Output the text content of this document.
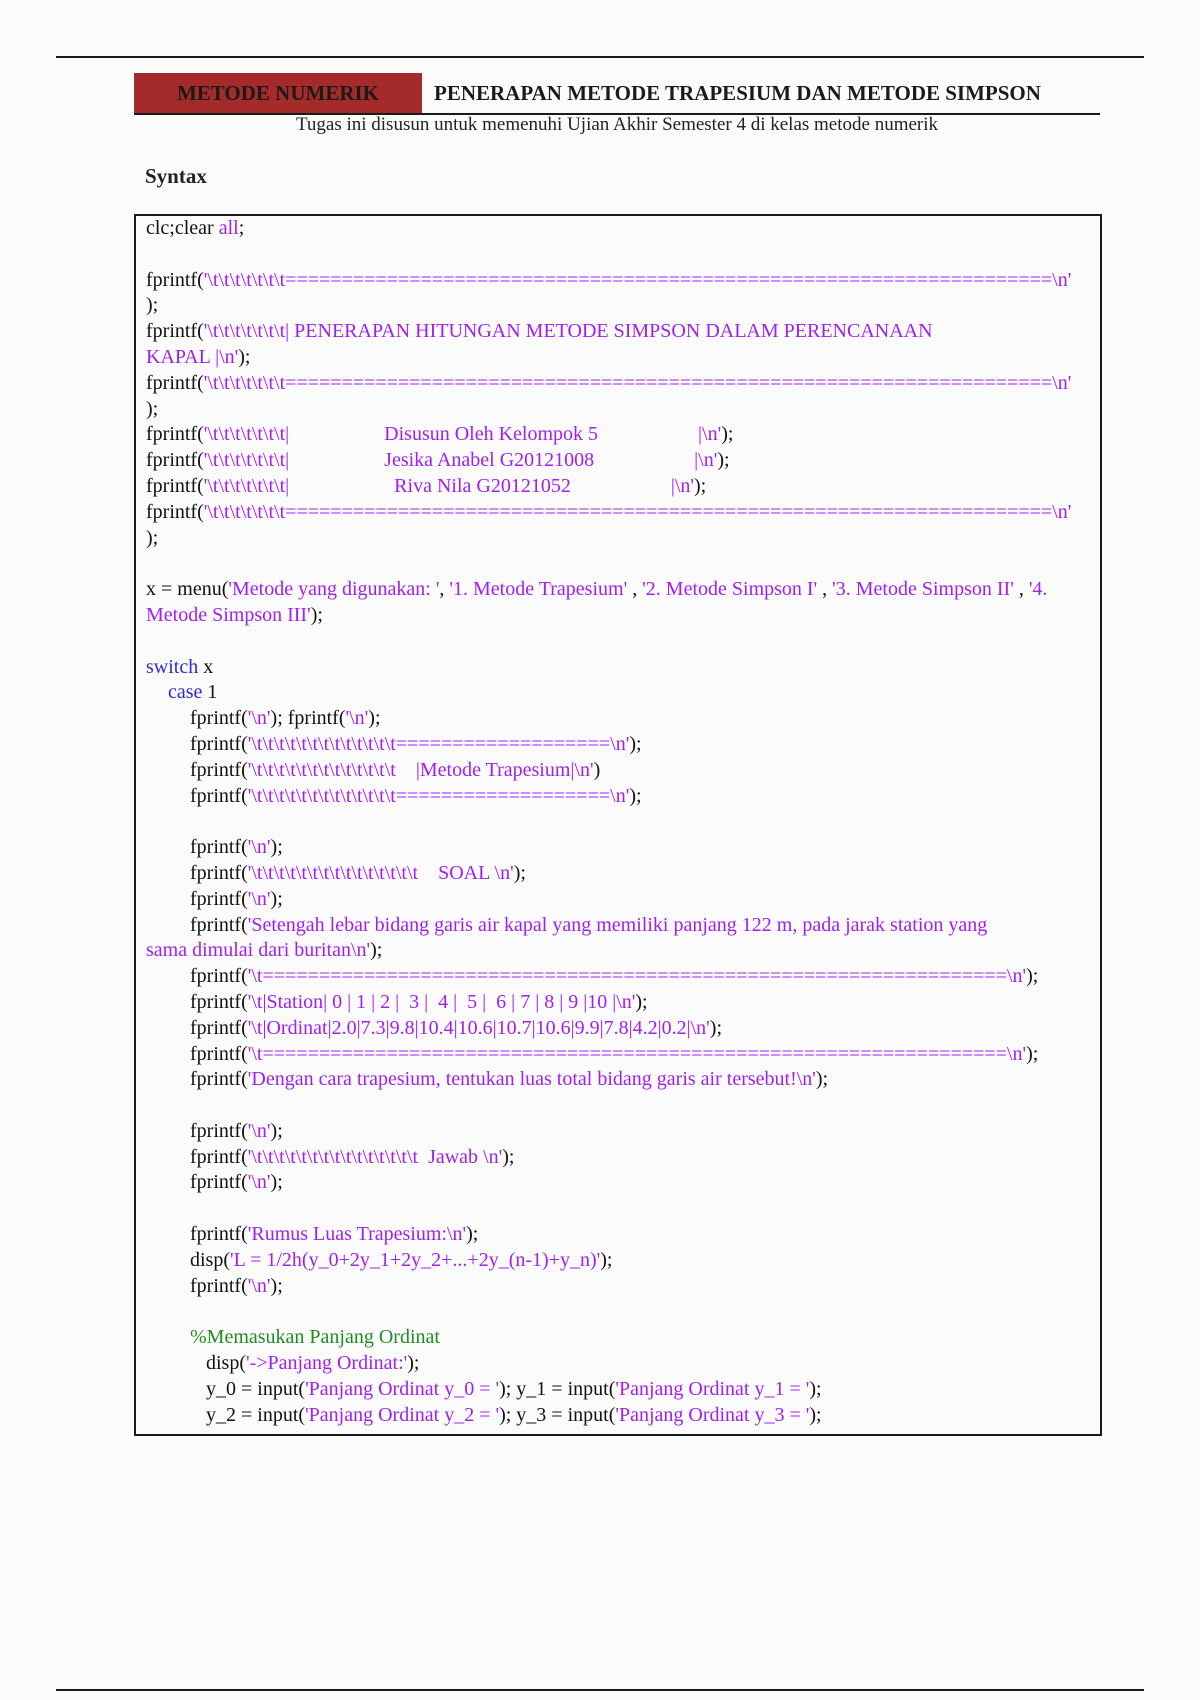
METODE NUMERIK	PENERAPAN METODE TRAPESIUM DAN METODE SIMPSON
Tugas ini disusun untuk memenuhi Ujian Akhir Semester 4 di kelas metode numerik
Syntax
clc;clear all;
fprintf('\t\t\t\t\t\t\t====================================================================\n'
);
fprintf('\t\t\t\t\t\t\t| PENERAPAN HITUNGAN METODE SIMPSON DALAM PERENCANAAN
KAPAL |\n');
fprintf('\t\t\t\t\t\t\t====================================================================\n'
);
fprintf('\t\t\t\t\t\t\t|                   Disusun Oleh Kelompok 5                    |\n');
fprintf('\t\t\t\t\t\t\t|                   Jesika Anabel G20121008                    |\n');
fprintf('\t\t\t\t\t\t\t|                     Riva Nila G20121052                    |\n');
fprintf('\t\t\t\t\t\t\t====================================================================\n'
);
x = menu('Metode yang digunakan: ', '1. Metode Trapesium' , '2. Metode Simpson I' , '3. Metode Simpson II' , '4. Metode Simpson III');
switch x
case 1
fprintf('\n'); fprintf('\n');
fprintf('\t\t\t\t\t\t\t\t\t\t\t\t\t===================\n');
fprintf('\t\t\t\t\t\t\t\t\t\t\t\t\t    |Metode Trapesium|\n')
fprintf('\t\t\t\t\t\t\t\t\t\t\t\t\t===================\n');
fprintf('\n');
fprintf('\t\t\t\t\t\t\t\t\t\t\t\t\t\t\t    SOAL \n');
fprintf('\n');
fprintf('Setengah lebar bidang garis air kapal yang memiliki panjang 122 m, pada jarak station yang
sama dimulai dari buritan\n');
fprintf('\t==================================================================\n');
fprintf('\t|Station| 0 | 1 | 2 |  3 |  4 |  5 |  6 | 7 | 8 | 9 |10 |\n');
fprintf('\t|Ordinat|2.0|7.3|9.8|10.4|10.6|10.7|10.6|9.9|7.8|4.2|0.2|\n');
fprintf('\t==================================================================\n');
fprintf('Dengan cara trapesium, tentukan luas total bidang garis air tersebut!\n');
fprintf('\n');
fprintf('\t\t\t\t\t\t\t\t\t\t\t\t\t\t\t  Jawab \n');
fprintf('\n');
fprintf('Rumus Luas Trapesium:\n');
disp('L = 1/2h(y_0+2y_1+2y_2+...+2y_(n-1)+y_n)');
fprintf('\n');
%Memasukan Panjang Ordinat
disp('->Panjang Ordinat:');
y_0 = input('Panjang Ordinat y_0 = '); y_1 = input('Panjang Ordinat y_1 = ');
y_2 = input('Panjang Ordinat y_2 = '); y_3 = input('Panjang Ordinat y_3 = ');
